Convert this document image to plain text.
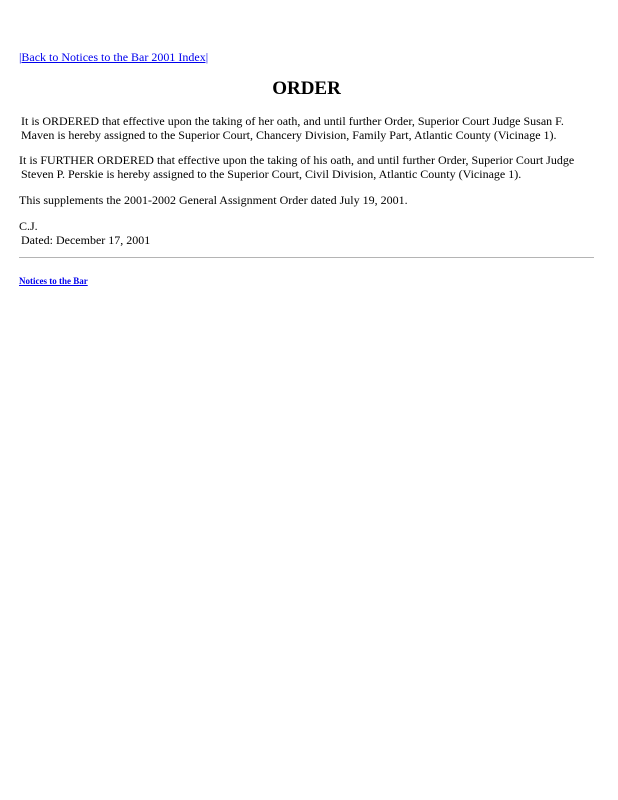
|Back to Notices to the Bar 2001 Index|
ORDER

It is ORDERED that effective upon the taking of her oath, and until further Order, Superior Court Judge Susan F.
Maven is hereby assigned to the Superior Court, Chancery Division, Family Part, Atlantic County (Vicinage 1).

It is FURTHER ORDERED that effective upon the taking of his oath, and until further Order, Superior Court Judge
Steven P. Perskie is hereby assigned to the Superior Court, Civil Division, Atlantic County (Vicinage 1).

This supplements the 2001-2002 General Assignment Order dated July 19, 2001.

C.J.
Dated: December 17, 2001

Notices to the Bar
